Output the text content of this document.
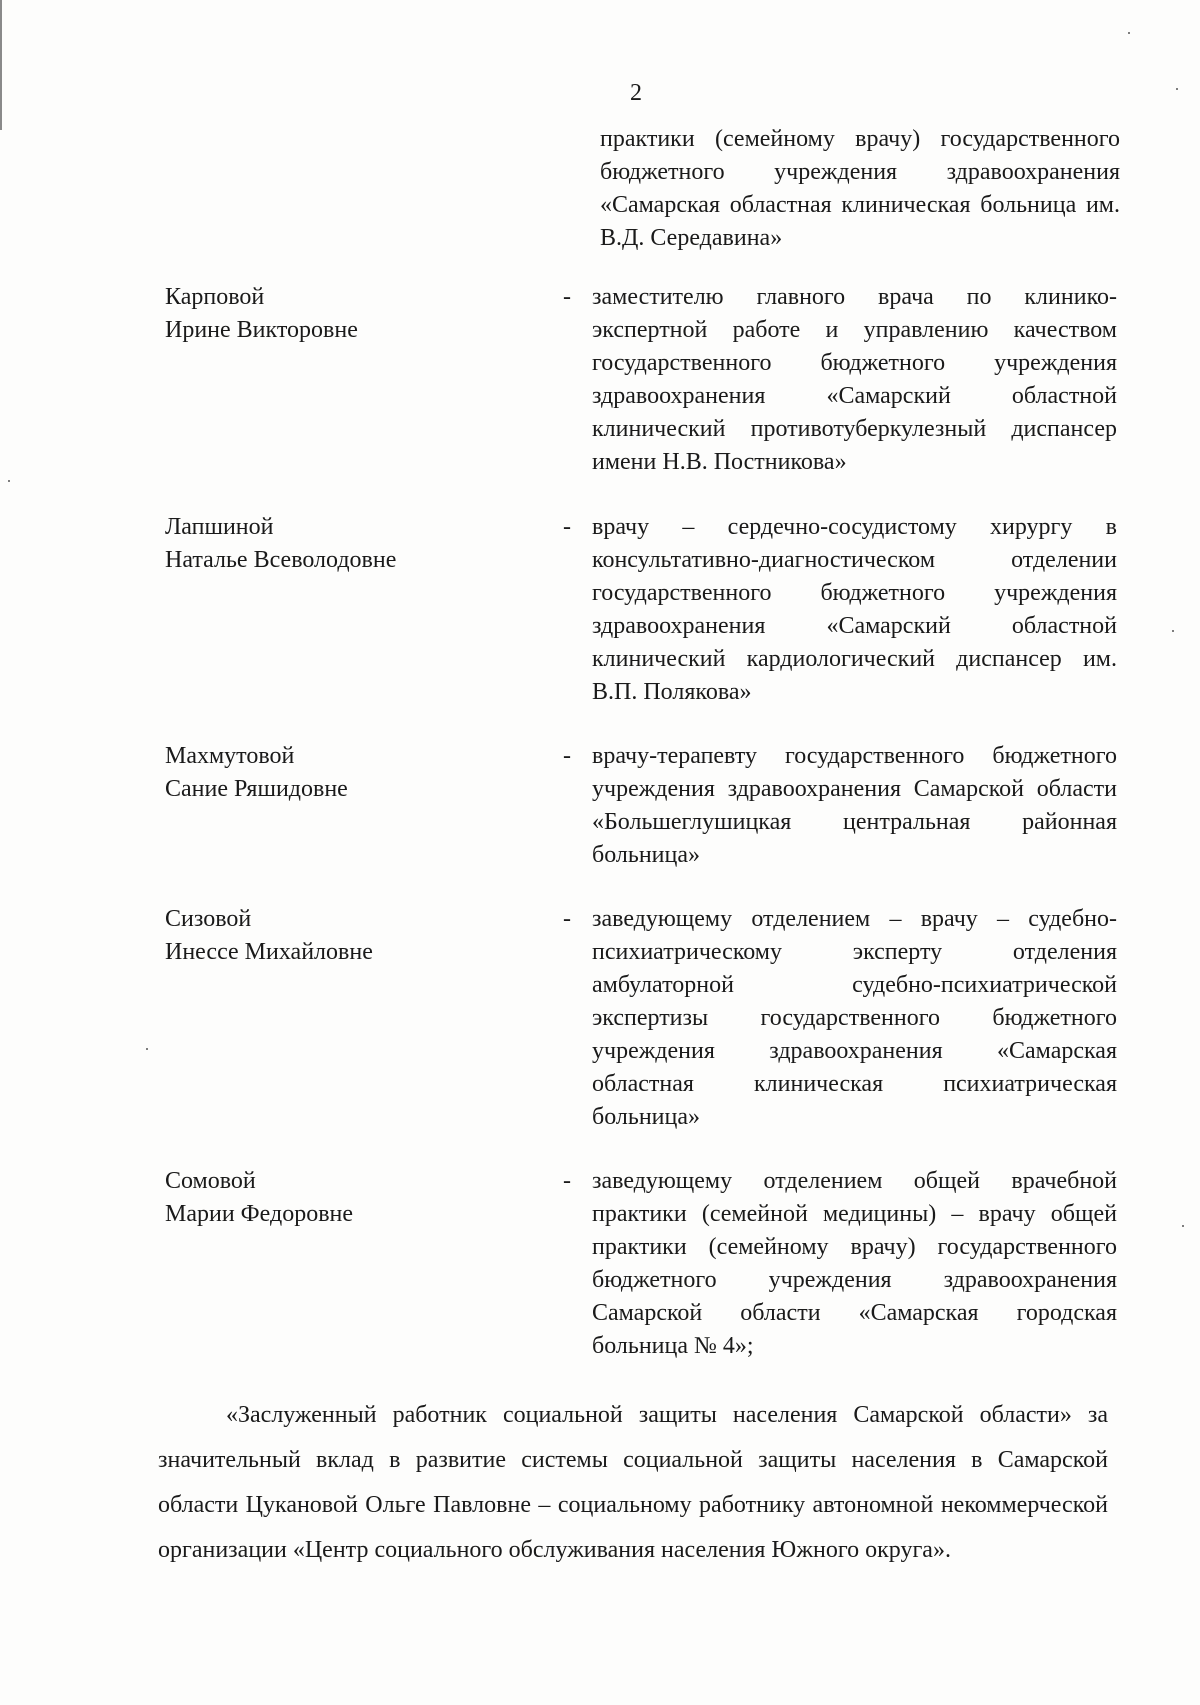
2
практики (семейному врачу) государственного бюджетного учреждения здравоохранения «Самарская областная клиническая больница им. В.Д. Середавина»
Карповой
Ирине Викторовне
- заместителю главного врача по клинико-экспертной работе и управлению качеством государственного бюджетного учреждения здравоохранения «Самарский областной клинический противотуберкулезный диспансер имени Н.В. Постникова»
Лапшиной
Наталье Всеволодовне
- врачу – сердечно-сосудистому хирургу в консультативно-диагностическом отделении государственного бюджетного учреждения здравоохранения «Самарский областной клинический кардиологический диспансер им. В.П. Полякова»
Махмутовой
Сание Ряшидовне
- врачу-терапевту государственного бюджетного учреждения здравоохранения Самарской области «Большеглушицкая центральная районная больница»
Сизовой
Инессе Михайловне
- заведующему отделением – врачу – судебно-психиатрическому эксперту отделения амбулаторной судебно-психиатрической экспертизы государственного бюджетного учреждения здравоохранения «Самарская областная клиническая психиатрическая больница»
Сомовой
Марии Федоровне
- заведующему отделением общей врачебной практики (семейной медицины) – врачу общей практики (семейному врачу) государственного бюджетного учреждения здравоохранения Самарской области «Самарская городская больница № 4»;
«Заслуженный работник социальной защиты населения Самарской области» за значительный вклад в развитие системы социальной защиты населения в Самарской области Цукановой Ольге Павловне – социальному работнику автономной некоммерческой организации «Центр социального обслуживания населения Южного округа».
